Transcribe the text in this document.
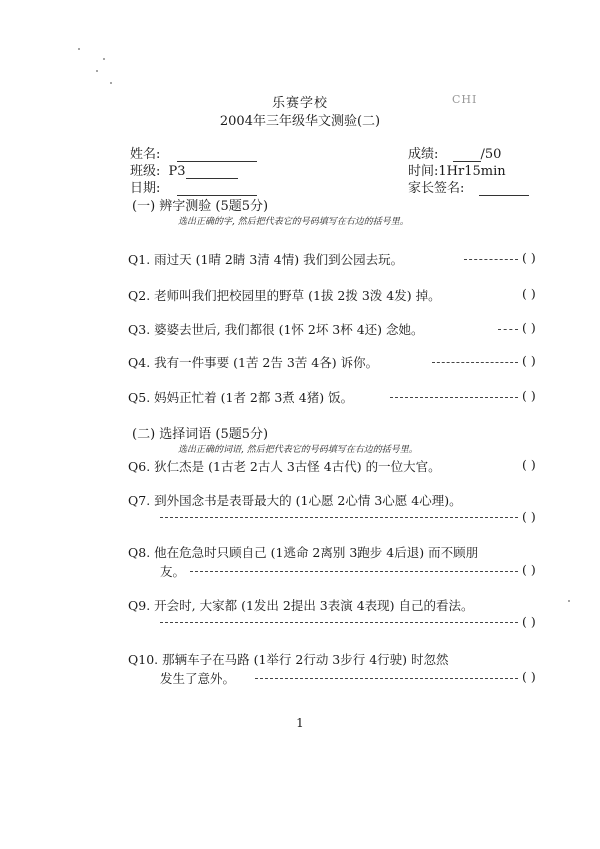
乐赛学校
2004年三年级华文测验(二)
CHI
姓名:
班级: P3
日期:
成绩:	/50
时间:1Hr15min
家长签名:
(一) 辨字测验 (5题5分)
选出正确的字, 然后把代表它的号码填写在右边的括号里。
Q1. 雨过天 (1晴 2睛 3清 4情) 我们到公园去玩。	( )
Q2. 老师叫我们把校园里的野草 (1拔 2拨 3泼 4发) 掉。	( )
Q3. 婆婆去世后, 我们都很 (1怀 2坏 3杯 4还) 念她。	( )
Q4. 我有一件事要 (1苦 2告 3苦 4各) 诉你。	( )
Q5. 妈妈正忙着 (1者 2都 3煮 4猪) 饭。	( )
(二) 选择词语 (5题5分)
选出正确的词语, 然后把代表它的号码填写在右边的括号里。
Q6. 狄仁杰是 (1古老 2古人 3古怪 4古代) 的一位大官。	( )
Q7. 到外国念书是表哥最大的 (1心愿 2心情 3心愿 4心理)。
( )
Q8. 他在危急时只顾自己 (1逃命 2离别 3跑步 4后退) 而不顾朋
友。	( )
Q9. 开会时, 大家都 (1发出 2提出 3表演 4表现) 自己的看法。
( )
Q10. 那辆车子在马路 (1举行 2行动 3步行 4行驶) 时忽然
发生了意外。	( )
1
